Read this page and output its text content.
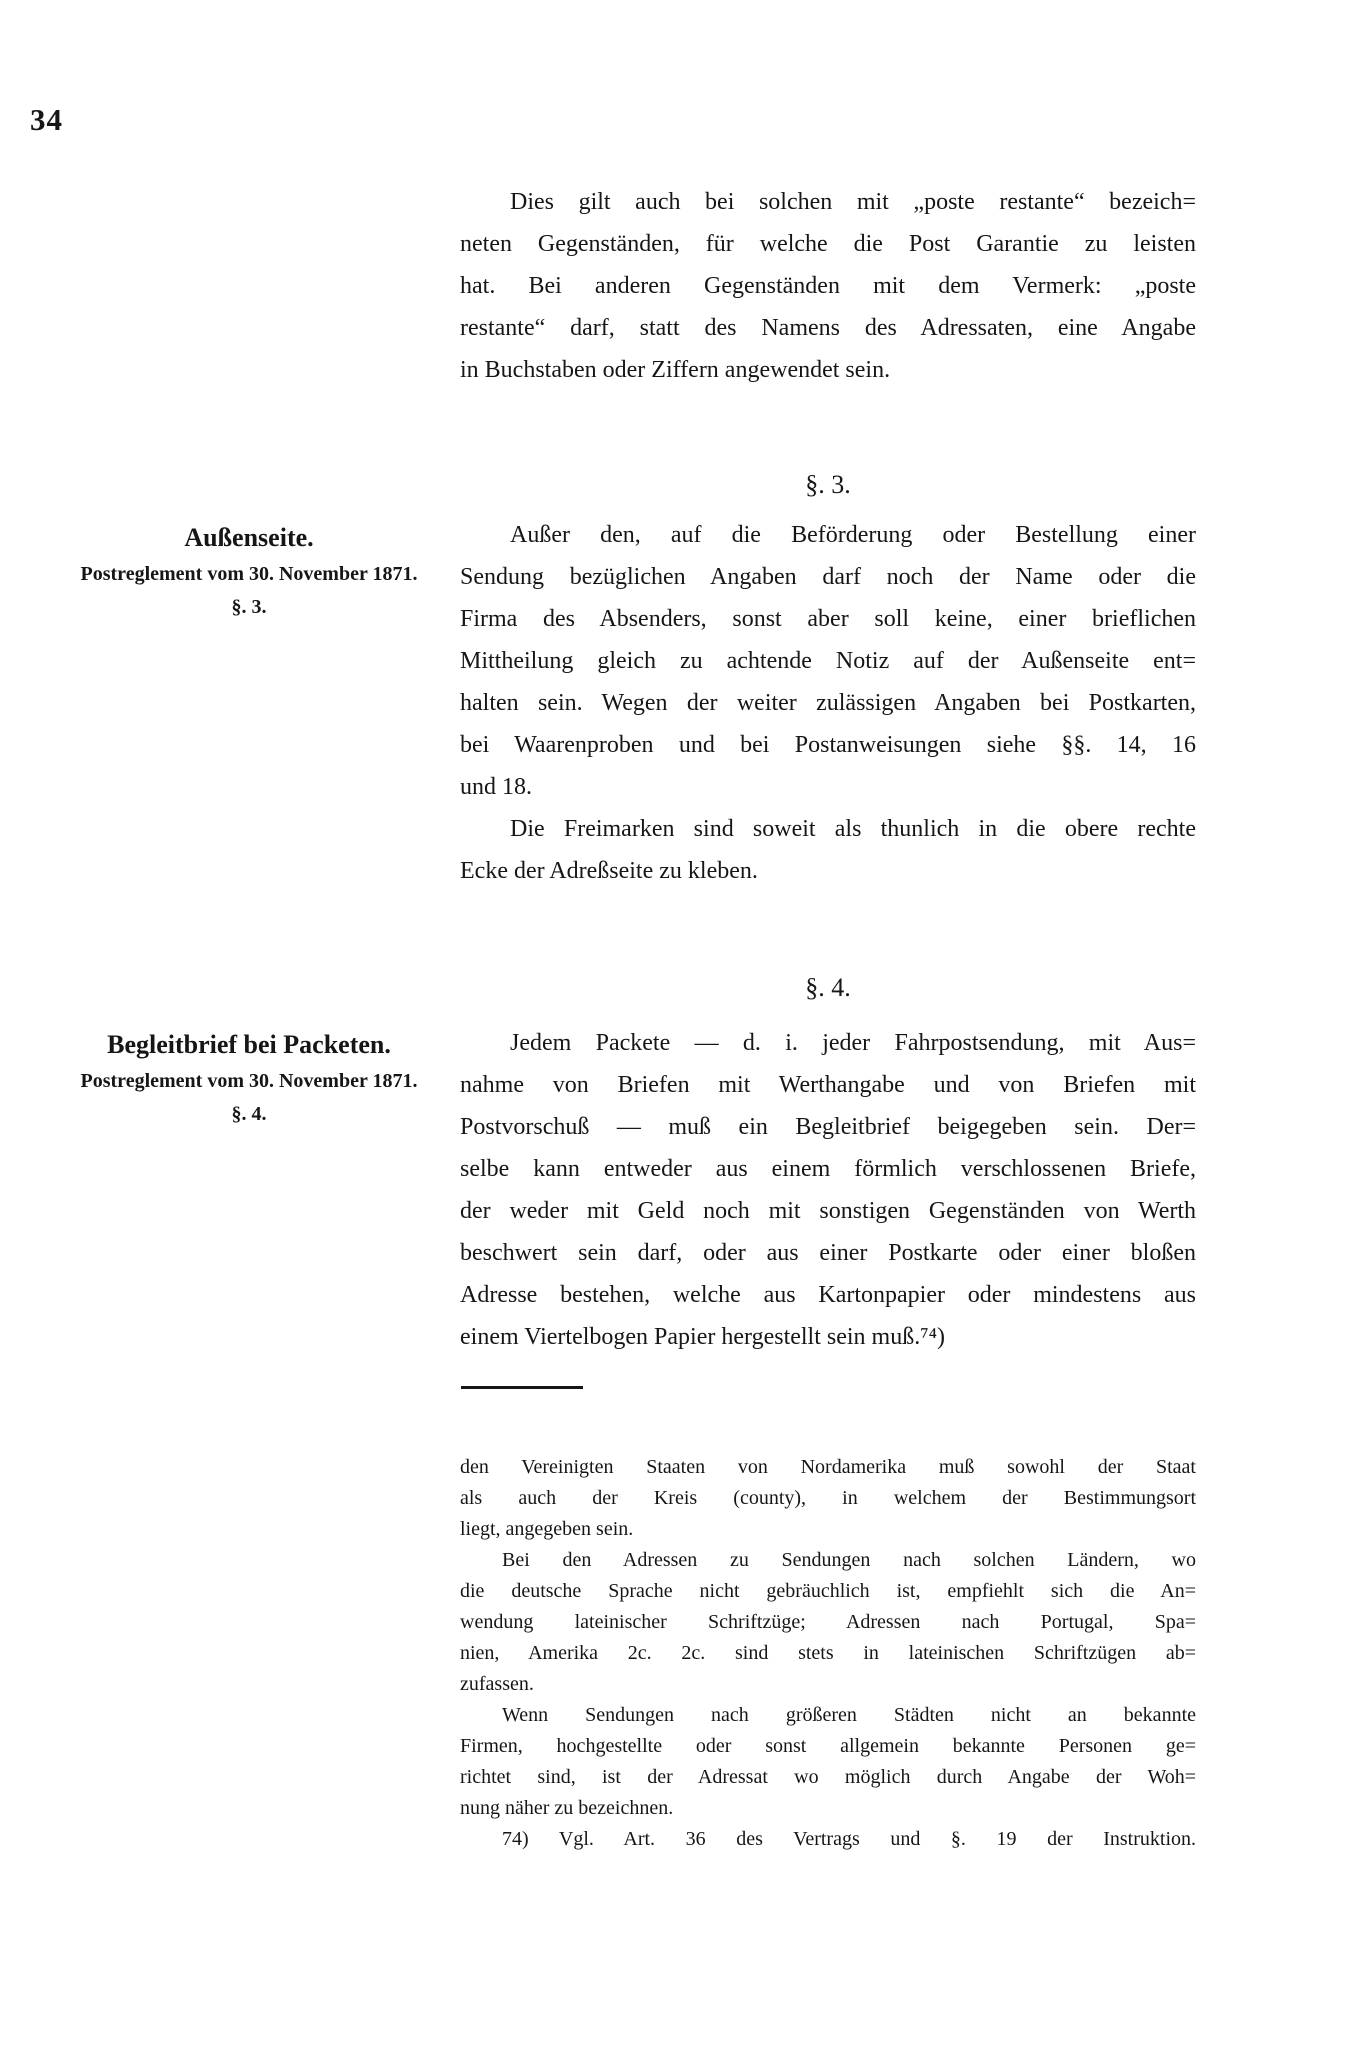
34
Dies gilt auch bei solchen mit „poste restante“ bezeich=
neten Gegenständen, für welche die Post Garantie zu leisten
hat. Bei anderen Gegenständen mit dem Vermerk: „poste
restante“ darf, statt des Namens des Adressaten, eine Angabe
in Buchstaben oder Ziffern angewendet sein.
§. 3.
Außenseite.
Postreglement vom 30. November 1871.
§. 3.
Außer den, auf die Beförderung oder Bestellung einer
Sendung bezüglichen Angaben darf noch der Name oder die
Firma des Absenders, sonst aber soll keine, einer brieflichen
Mittheilung gleich zu achtende Notiz auf der Außenseite ent=
halten sein. Wegen der weiter zulässigen Angaben bei Postkarten,
bei Waarenproben und bei Postanweisungen siehe §§. 14, 16
und 18.
Die Freimarken sind soweit als thunlich in die obere rechte
Ecke der Adreßseite zu kleben.
§. 4.
Begleitbrief bei Packeten.
Postreglement vom 30. November 1871.
§. 4.
Jedem Packete — d. i. jeder Fahrpostsendung, mit Aus=
nahme von Briefen mit Werthangabe und von Briefen mit
Postvorschuß — muß ein Begleitbrief beigegeben sein. Der=
selbe kann entweder aus einem förmlich verschlossenen Briefe,
der weder mit Geld noch mit sonstigen Gegenständen von Werth
beschwert sein darf, oder aus einer Postkarte oder einer bloßen
Adresse bestehen, welche aus Kartonpapier oder mindestens aus
einem Viertelbogen Papier hergestellt sein muß.⁷⁴)
den Vereinigten Staaten von Nordamerika muß sowohl der Staat
als auch der Kreis (county), in welchem der Bestimmungsort
liegt, angegeben sein.
Bei den Adressen zu Sendungen nach solchen Ländern, wo
die deutsche Sprache nicht gebräuchlich ist, empfiehlt sich die An=
wendung lateinischer Schriftzüge; Adressen nach Portugal, Spa=
nien, Amerika 2c. 2c. sind stets in lateinischen Schriftzügen ab=
zufassen.
Wenn Sendungen nach größeren Städten nicht an bekannte
Firmen, hochgestellte oder sonst allgemein bekannte Personen ge=
richtet sind, ist der Adressat wo möglich durch Angabe der Woh=
nung näher zu bezeichnen.
74) Vgl. Art. 36 des Vertrags und §. 19 der Instruktion.
